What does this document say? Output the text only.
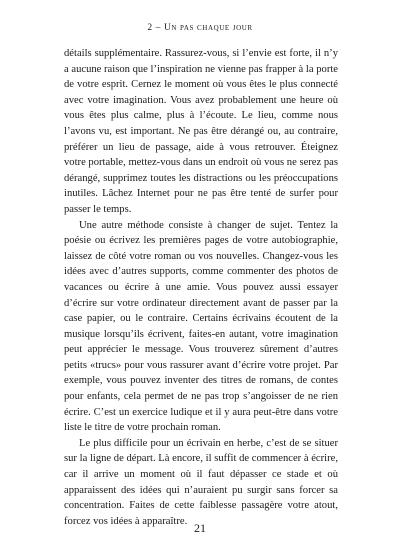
2 – Un pas chaque jour

détails supplémentaire. Rassurez-vous, si l’envie est forte, il n’y a aucune raison que l’inspiration ne vienne pas frapper à la porte de votre esprit. Cernez le moment où vous êtes le plus connecté avec votre imagination. Vous avez probablement une heure où vous êtes plus calme, plus à l’écoute. Le lieu, comme nous l’avons vu, est important. Ne pas être dérangé ou, au contraire, préférer un lieu de passage, aide à vous retrouver. Éteignez votre portable, mettez-vous dans un endroit où vous ne serez pas dérangé, supprimez toutes les distractions ou les préoccupations inutiles. Lâchez Internet pour ne pas être tenté de surfer pour passer le temps.

Une autre méthode consiste à changer de sujet. Tentez la poésie ou écrivez les premières pages de votre autobiographie, laissez de côté votre roman ou vos nouvelles. Changez-vous les idées avec d’autres supports, comme commenter des photos de vacances ou écrire à une amie. Vous pouvez aussi essayer d’écrire sur votre ordinateur directement avant de passer par la case papier, ou le contraire. Certains écrivains écoutent de la musique lorsqu’ils écrivent, faites-en autant, votre imagination peut apprécier le message. Vous trouverez sûrement d’autres petits «trucs» pour vous rassurer avant d’écrire votre projet. Par exemple, vous pouvez inventer des titres de romans, de contes pour enfants, cela permet de ne pas trop s’angoisser de ne rien écrire. C’est un exercice ludique et il y aura peut-être dans votre liste le titre de votre prochain roman.

Le plus difficile pour un écrivain en herbe, c’est de se situer sur la ligne de départ. Là encore, il suffit de commencer à écrire, car il arrive un moment où il faut dépasser ce stade et où apparaissent des idées qui n’auraient pu surgir sans forcer sa concentration. Faites de cette faiblesse passagère votre atout, forcez vos idées à apparaître. 21
